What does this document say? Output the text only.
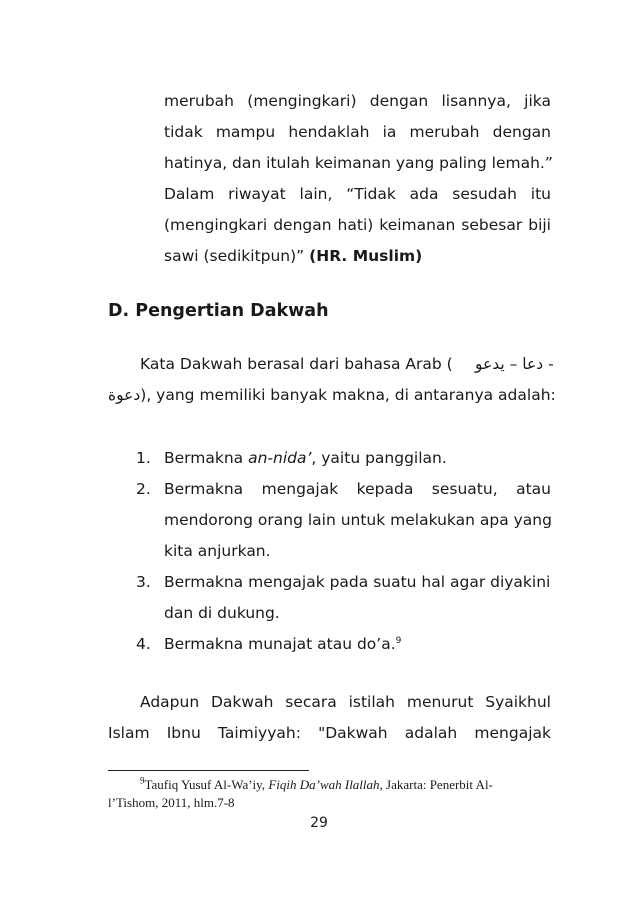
merubah (mengingkari) dengan lisannya, jika
tidak mampu hendaklah ia merubah dengan
hatinya, dan itulah keimanan yang paling lemah.”
Dalam riwayat lain, “Tidak ada sesudah itu
(mengingkari dengan hati) keimanan sebesar biji
sawi (sedikitpun)” (HR. Muslim)
D. Pengertian Dakwah
Kata Dakwah berasal dari bahasa Arab ( دعا – يدعو -
دعوة), yang memiliki banyak makna, di antaranya adalah:
1. Bermakna an-nida’, yaitu panggilan.
2. Bermakna mengajak kepada sesuatu, atau
mendorong orang lain untuk melakukan apa yang
kita anjurkan.
3. Bermakna mengajak pada suatu hal agar diyakini
dan di dukung.
4. Bermakna munajat atau do’a.$^9$
Adapun Dakwah secara istilah menurut Syaikhul
Islam Ibnu Taimiyyah: "Dakwah adalah mengajak
$^9$Taufiq Yusuf Al-Wa’iy, Fiqih Da’wah Ilallah, Jakarta: Penerbit Al-
l’Tishom, 2011, hlm.7-8
29
